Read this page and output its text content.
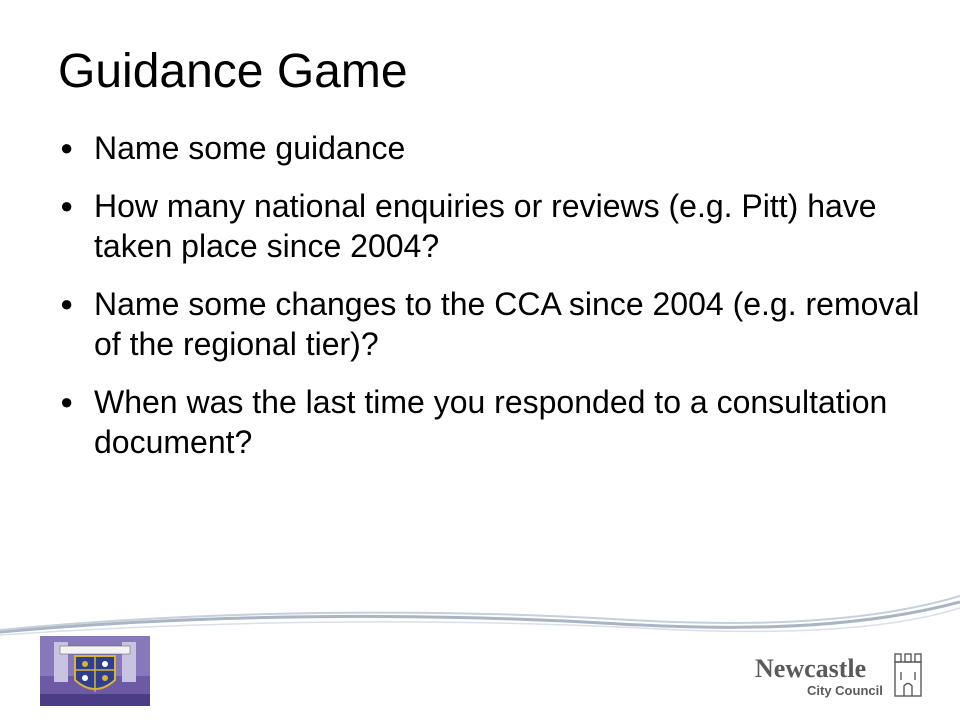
Guidance Game
● Name some guidance
● How many national enquiries or reviews (e.g. Pitt) have taken place since 2004?
● Name some changes to the CCA since 2004 (e.g. removal of the regional tier)?
● When was the last time you responded to a consultation document?
Newcastle
City Council
